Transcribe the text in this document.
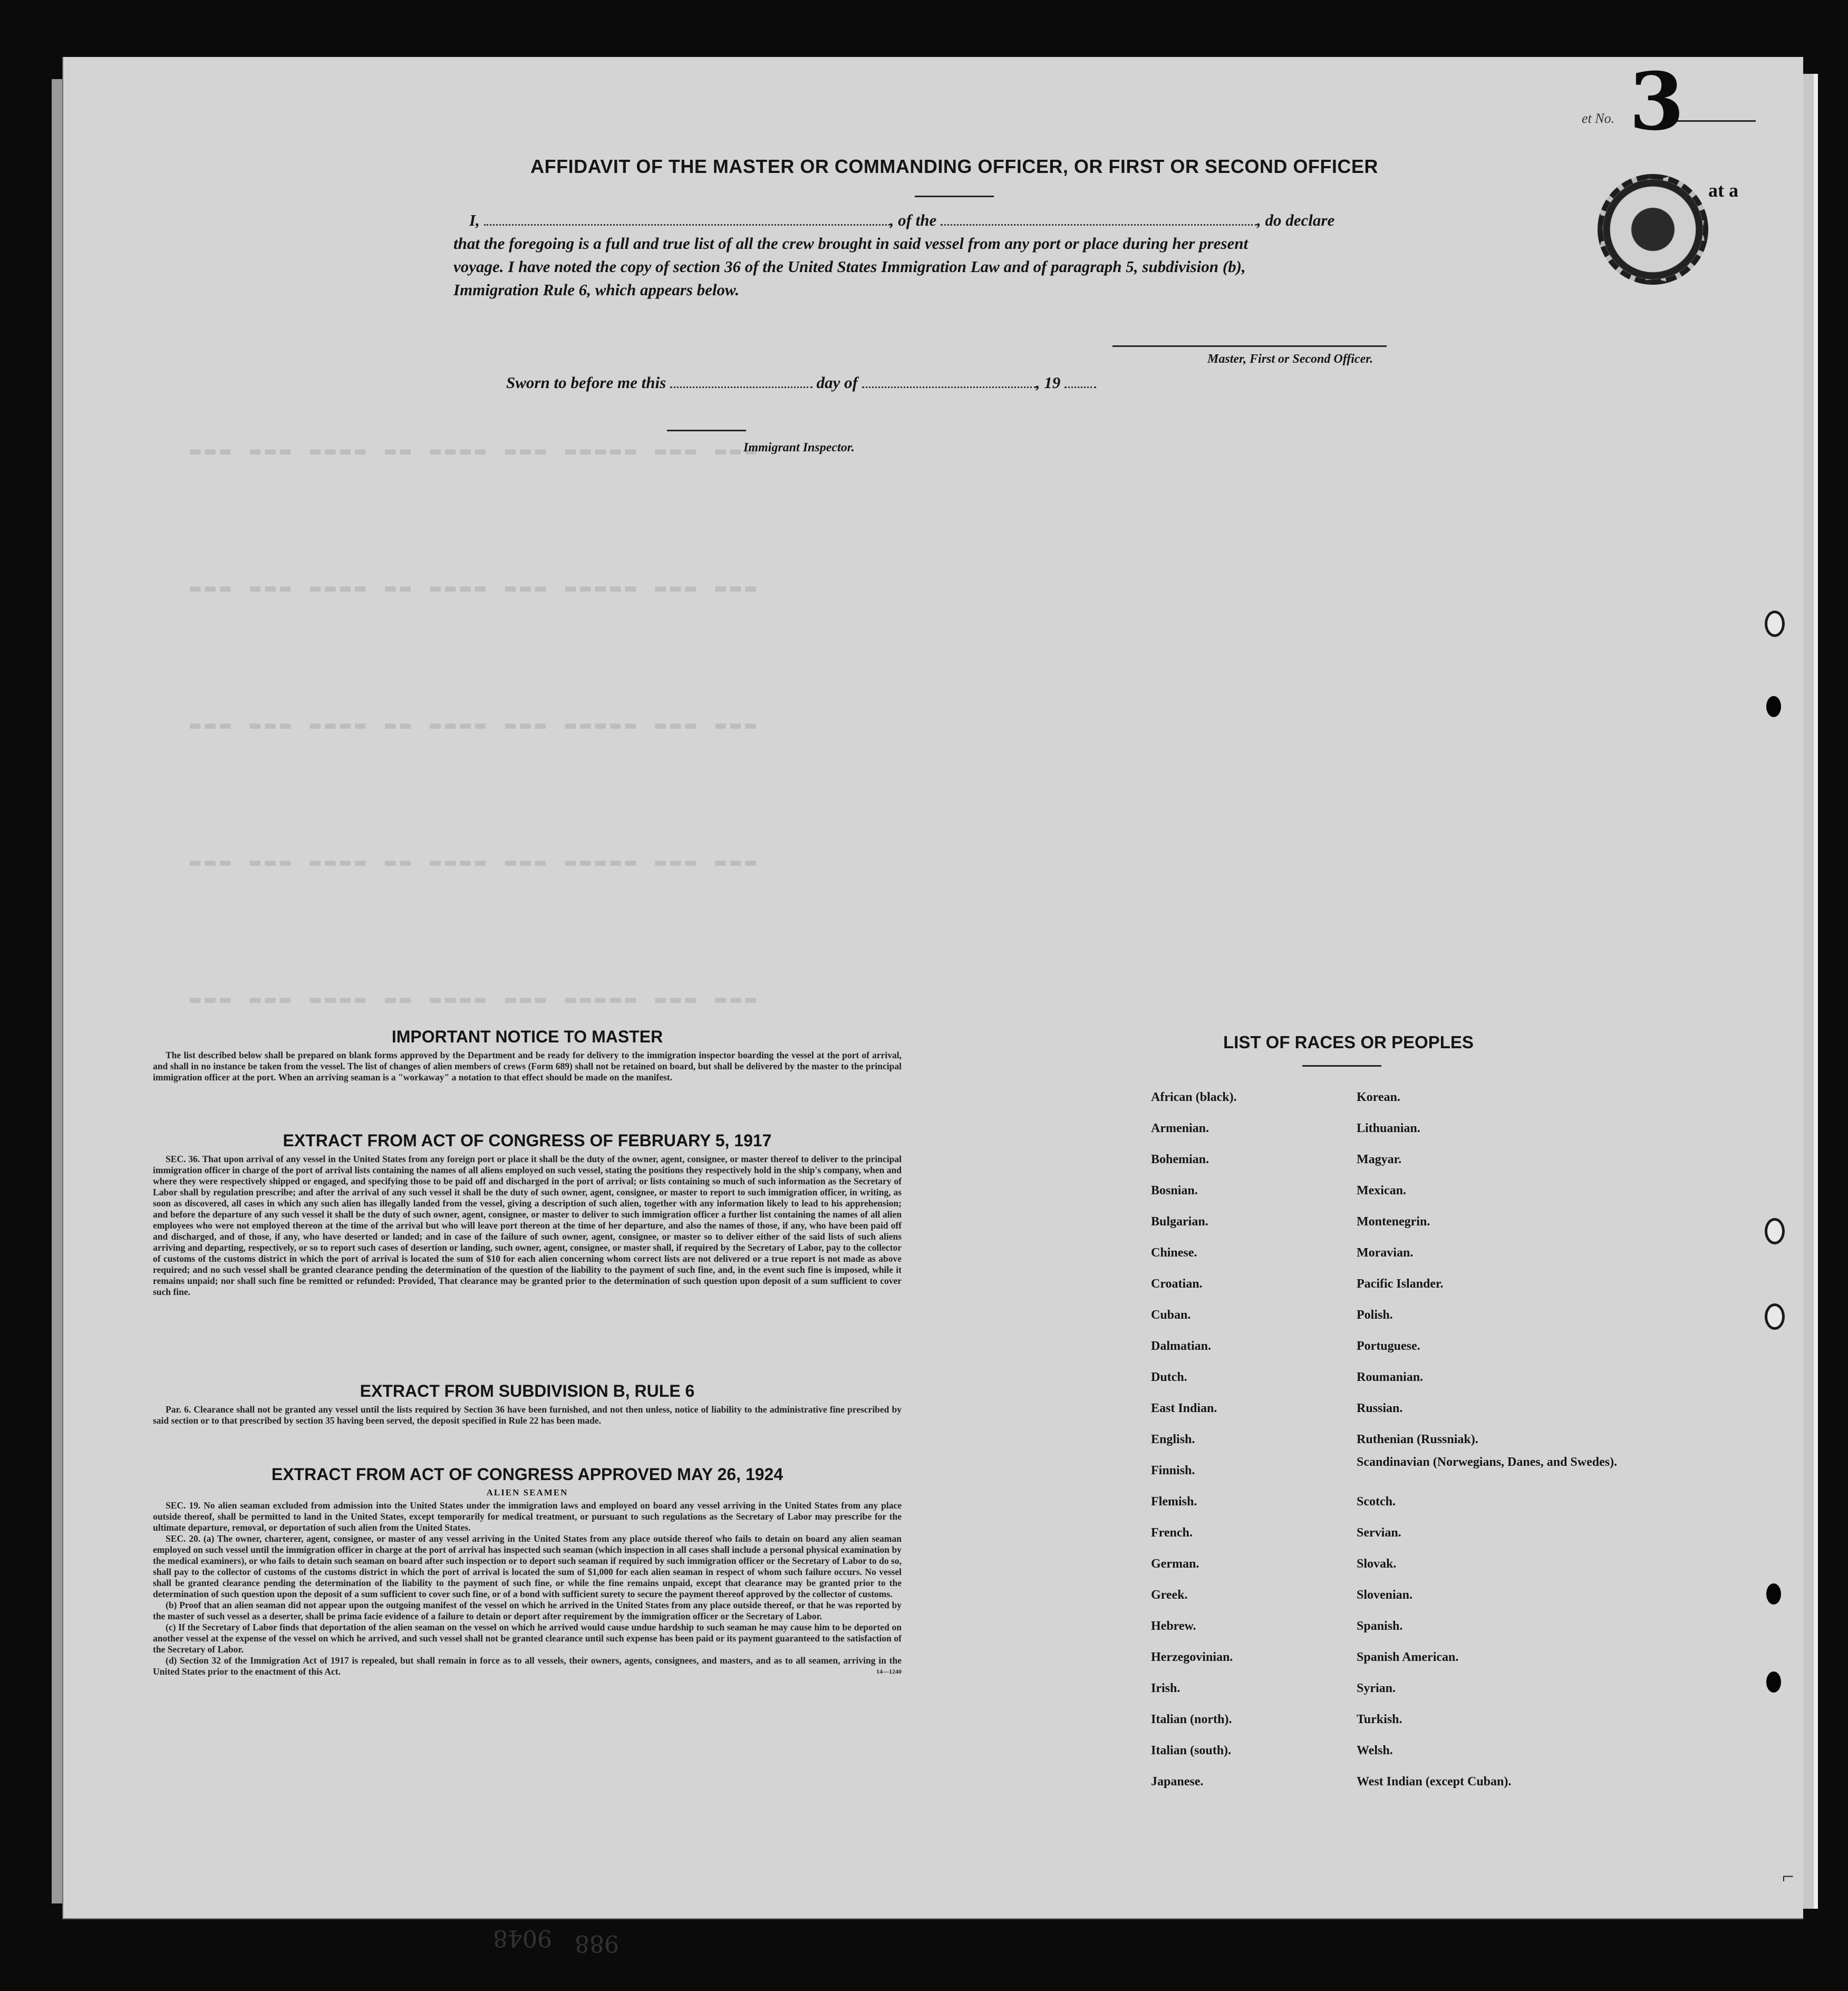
▬▬▬ ▬▬▬ ▬▬▬▬ ▬▬ ▬▬▬▬ ▬▬▬ ▬▬▬▬▬ ▬▬▬ ▬▬▬
▬▬▬ ▬▬▬ ▬▬▬▬ ▬▬ ▬▬▬▬ ▬▬▬ ▬▬▬▬▬ ▬▬▬ ▬▬▬
▬▬▬ ▬▬▬ ▬▬▬▬ ▬▬ ▬▬▬▬ ▬▬▬ ▬▬▬▬▬ ▬▬▬ ▬▬▬
▬▬▬ ▬▬▬ ▬▬▬▬ ▬▬ ▬▬▬▬ ▬▬▬ ▬▬▬▬▬ ▬▬▬ ▬▬▬
▬▬▬ ▬▬▬ ▬▬▬▬ ▬▬ ▬▬▬▬ ▬▬▬ ▬▬▬▬▬ ▬▬▬ ▬▬▬
et No. 3
at a
AFFIDAVIT OF THE MASTER OR COMMANDING OFFICER, OR FIRST OR SECOND OFFICER
I,	, of the	, do declare
that the foregoing is a full and true list of all the crew brought in said vessel from any port or place during her present
voyage. I have noted the copy of section 36 of the United States Immigration Law and of paragraph 5, subdivision (b),
Immigration Rule 6, which appears below.
Master, First or Second Officer.
Sworn to before me this	day of	, 19
Immigrant Inspector.
IMPORTANT NOTICE TO MASTER

The list described below shall be prepared on blank forms approved by the Department and be ready for delivery to the immigration inspector boarding the vessel at the port of arrival, and shall in no instance be taken from the vessel. The list of changes of alien members of crews (Form 689) shall not be retained on board, but shall be delivered by the master to the principal immigration officer at the port. When an arriving seaman is a "workaway" a notation to that effect should be made on the manifest.

EXTRACT FROM ACT OF CONGRESS OF FEBRUARY 5, 1917

SEC. 36. That upon arrival of any vessel in the United States from any foreign port or place it shall be the duty of the owner, agent, consignee, or master thereof to deliver to the principal immigration officer in charge of the port of arrival lists containing the names of all aliens employed on such vessel, stating the positions they respectively hold in the ship's company, when and where they were respectively shipped or engaged, and specifying those to be paid off and discharged in the port of arrival; or lists containing so much of such information as the Secretary of Labor shall by regulation prescribe; and after the arrival of any such vessel it shall be the duty of such owner, agent, consignee, or master to report to such immigration officer, in writing, as soon as discovered, all cases in which any such alien has illegally landed from the vessel, giving a description of such alien, together with any information likely to lead to his apprehension; and before the departure of any such vessel it shall be the duty of such owner, agent, consignee, or master to deliver to such immigration officer a further list containing the names of all alien employees who were not employed thereon at the time of the arrival but who will leave port thereon at the time of her departure, and also the names of those, if any, who have been paid off and discharged, and of those, if any, who have deserted or landed; and in case of the failure of such owner, agent, consignee, or master so to deliver either of the said lists of such aliens arriving and departing, respectively, or so to report such cases of desertion or landing, such owner, agent, consignee, or master shall, if required by the Secretary of Labor, pay to the collector of customs of the customs district in which the port of arrival is located the sum of $10 for each alien concerning whom correct lists are not delivered or a true report is not made as above required; and no such vessel shall be granted clearance pending the determination of the question of the liability to the payment of such fine, and, in the event such fine is imposed, while it remains unpaid; nor shall such fine be remitted or refunded: Provided, That clearance may be granted prior to the determination of such question upon deposit of a sum sufficient to cover such fine.

EXTRACT FROM SUBDIVISION B, RULE 6

Par. 6. Clearance shall not be granted any vessel until the lists required by Section 36 have been furnished, and not then unless, notice of liability to the administrative fine prescribed by said section or to that prescribed by section 35 having been served, the deposit specified in Rule 22 has been made.

EXTRACT FROM ACT OF CONGRESS APPROVED MAY 26, 1924
ALIEN SEAMEN

SEC. 19. No alien seaman excluded from admission into the United States under the immigration laws and employed on board any vessel arriving in the United States from any place outside thereof, shall be permitted to land in the United States, except temporarily for medical treatment, or pursuant to such regulations as the Secretary of Labor may prescribe for the ultimate departure, removal, or deportation of such alien from the United States.

SEC. 20. (a) The owner, charterer, agent, consignee, or master of any vessel arriving in the United States from any place outside thereof who fails to detain on board any alien seaman employed on such vessel until the immigration officer in charge at the port of arrival has inspected such seaman (which inspection in all cases shall include a personal physical examination by the medical examiners), or who fails to detain such seaman on board after such inspection or to deport such seaman if required by such immigration officer or the Secretary of Labor to do so, shall pay to the collector of customs of the customs district in which the port of arrival is located the sum of $1,000 for each alien seaman in respect of whom such failure occurs. No vessel shall be granted clearance pending the determination of the liability to the payment of such fine, or while the fine remains unpaid, except that clearance may be granted prior to the determination of such question upon the deposit of a sum sufficient to cover such fine, or of a bond with sufficient surety to secure the payment thereof approved by the collector of customs.

(b) Proof that an alien seaman did not appear upon the outgoing manifest of the vessel on which he arrived in the United States from any place outside thereof, or that he was reported by the master of such vessel as a deserter, shall be prima facie evidence of a failure to detain or deport after requirement by the immigration officer or the Secretary of Labor.

(c) If the Secretary of Labor finds that deportation of the alien seaman on the vessel on which he arrived would cause undue hardship to such seaman he may cause him to be deported on another vessel at the expense of the vessel on which he arrived, and such vessel shall not be granted clearance until such expense has been paid or its payment guaranteed to the satisfaction of the Secretary of Labor.

(d) Section 32 of the Immigration Act of 1917 is repealed, but shall remain in force as to all vessels, their owners, agents, consignees, and masters, and as to all seamen, arriving in the United States prior to the enactment of this Act.	14—1240

LIST OF RACES OR PEOPLES
African (black).
Armenian.
Bohemian.
Bosnian.
Bulgarian.
Chinese.
Croatian.
Cuban.
Dalmatian.
Dutch.
East Indian.
English.
Finnish.
Flemish.
French.
German.
Greek.
Hebrew.
Herzegovinian.
Irish.
Italian (north).
Italian (south).
Japanese.
Korean.
Lithuanian.
Magyar.
Mexican.
Montenegrin.
Moravian.
Pacific Islander.
Polish.
Portuguese.
Roumanian.
Russian.
Ruthenian (Russniak).
Scandinavian (Norwegians, Danes, and Swedes).
Scotch.
Servian.
Slovak.
Slovenian.
Spanish.
Spanish American.
Syrian.
Turkish.
Welsh.
West Indian (except Cuban).
9048 988
⌐
